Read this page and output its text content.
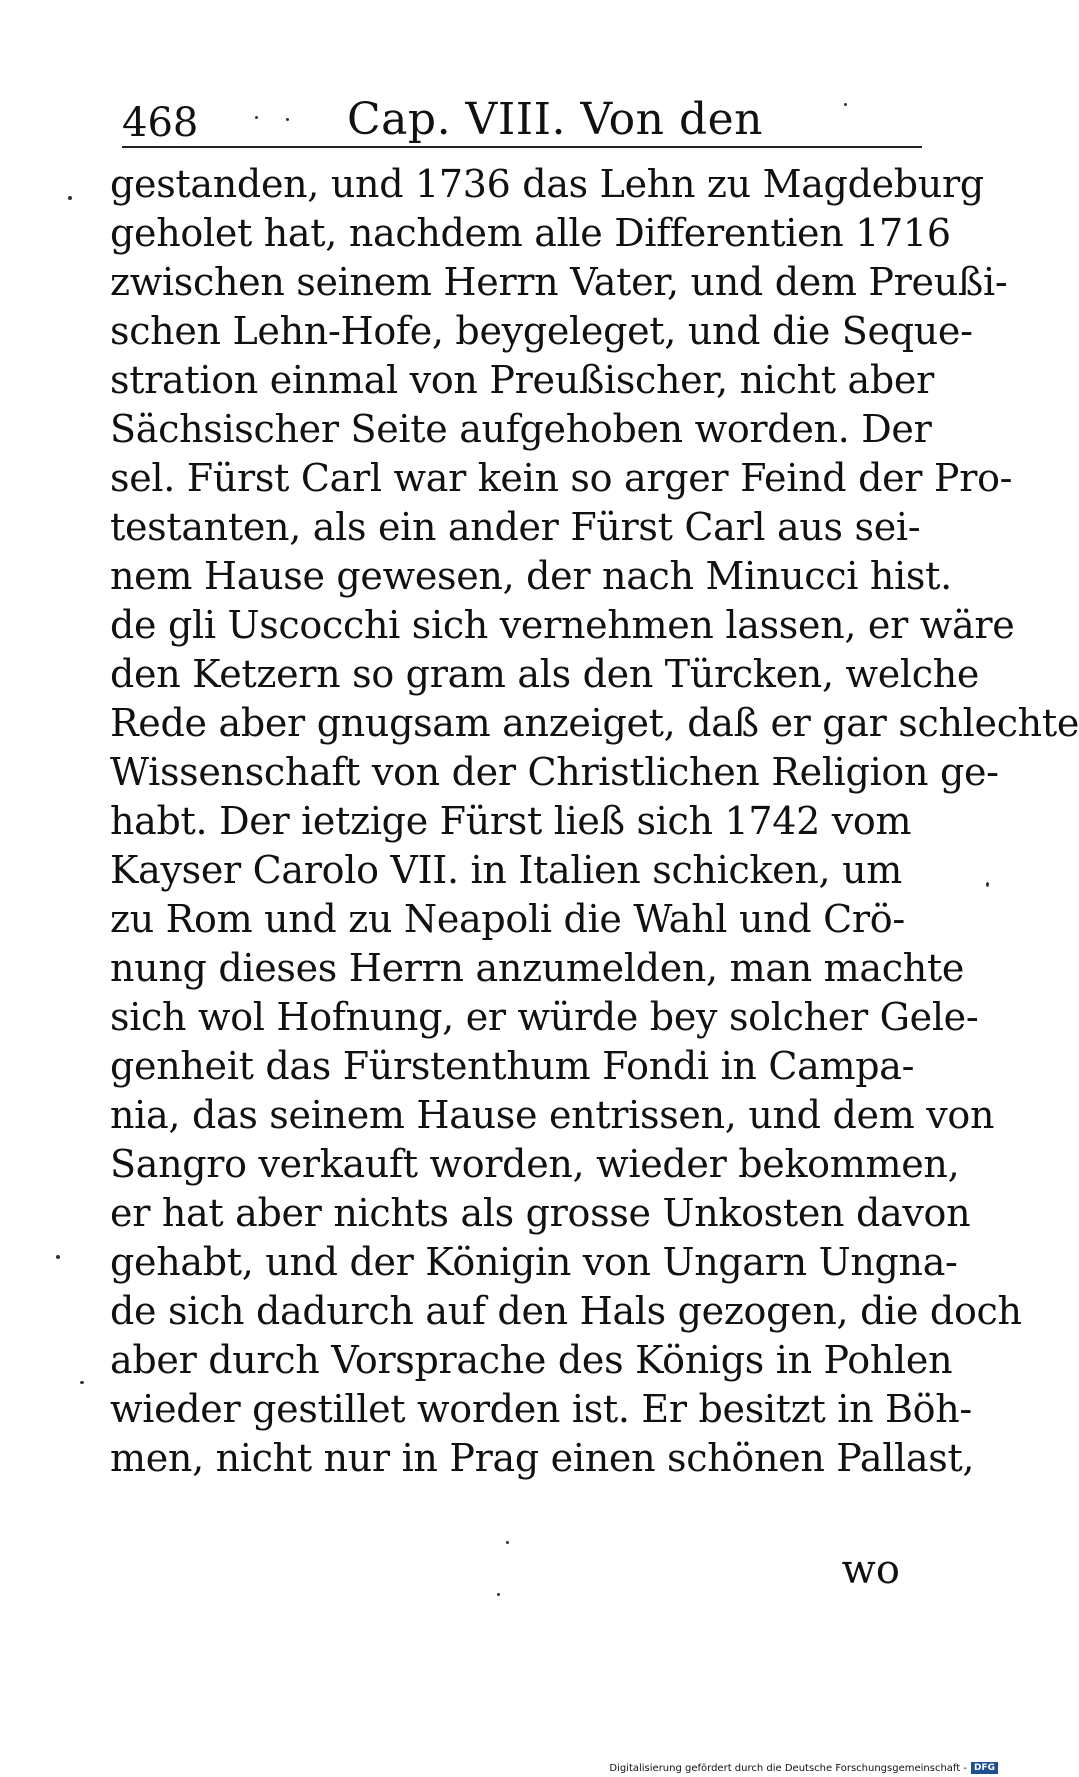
468	Cap. VIII. Von den
gestanden, und 1736 das Lehn zu Magdeburg
geholet hat, nachdem alle Differentien 1716
zwischen seinem Herrn Vater, und dem Preußi-
schen Lehn-Hofe, beygeleget, und die Seque-
stration einmal von Preußischer, nicht aber
Sächsischer Seite aufgehoben worden. Der
sel. Fürst Carl war kein so arger Feind der Pro-
testanten, als ein ander Fürst Carl aus sei-
nem Hause gewesen, der nach Minucci hist.
de gli Uscocchi sich vernehmen lassen, er wäre
den Ketzern so gram als den Türcken, welche
Rede aber gnugsam anzeiget, daß er gar schlechte
Wissenschaft von der Christlichen Religion ge-
habt. Der ietzige Fürst ließ sich 1742 vom
Kayser Carolo VII. in Italien schicken, um
zu Rom und zu Neapoli die Wahl und Crö-
nung dieses Herrn anzumelden, man machte
sich wol Hofnung, er würde bey solcher Gele-
genheit das Fürstenthum Fondi in Campa-
nia, das seinem Hause entrissen, und dem von
Sangro verkauft worden, wieder bekommen,
er hat aber nichts als grosse Unkosten davon
gehabt, und der Königin von Ungarn Ungna-
de sich dadurch auf den Hals gezogen, die doch
aber durch Vorsprache des Königs in Pohlen
wieder gestillet worden ist. Er besitzt in Böh-
men, nicht nur in Prag einen schönen Pallast,
wo
Digitalisierung gefördert durch die Deutsche Forschungsgemeinschaft - DFG
